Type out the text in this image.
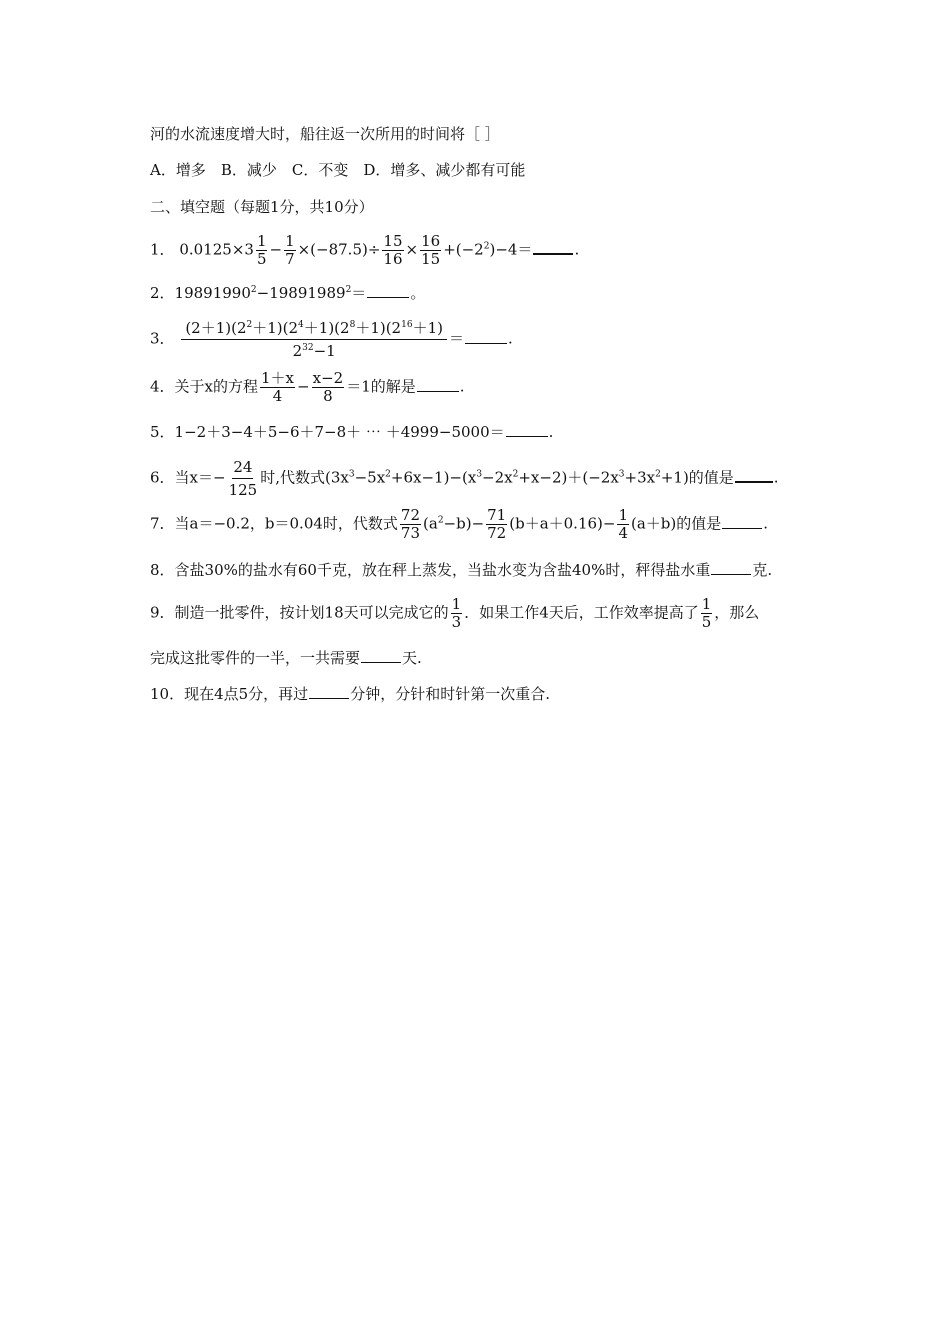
河的水流速度增大时，船往返一次所用的时间将［ ］
A．增多　B．减少　C．不变　D．增多、减少都有可能
二、填空题（每题1分，共10分）
1． $0.0125\times 3 \frac{1}{5} - \frac{1}{7} \times(-87.5)\div \frac{15}{16} \times \frac{16}{15} +(-2^2)-4=$	.
2．$19891990^2-19891989^2=$	。
3． $\frac{(2+1)(2^2+1)(2^4+1)(2^8+1)(2^{16}+1)}{2^{32}-1}$ ＝	.
4．关于x的方程 $\frac{1+x}{4} - \frac{x-2}{8} =1$的解是	.
5．1−2＋3−4＋5−6＋7−8＋ ⋯ ＋4999−5000＝	.
6．当$x=- \frac{24}{125}$ 时,代数式$(3x^3-5x^2+6x-1)-(x^3-2x^2+x-2)+(-2x^3+3x^2+1)$的值是	.
7．当a＝−0.2，b＝0.04时，代数式 $\frac{72}{73} (a^2-b)- \frac{71}{72} (b+a+0.16)- \frac{1}{4} (a+b)$的值是	.
8．含盐30%的盐水有60千克，放在秤上蒸发，当盐水变为含盐40%时，秤得盐水重	克.
9．制造一批零件，按计划18天可以完成它的 $\frac{1}{3}$ ．如果工作4天后，工作效率提高了 $\frac{1}{5}$ ，那么
完成这批零件的一半，一共需要	天.
10．现在4点5分，再过	分钟，分针和时针第一次重合.
